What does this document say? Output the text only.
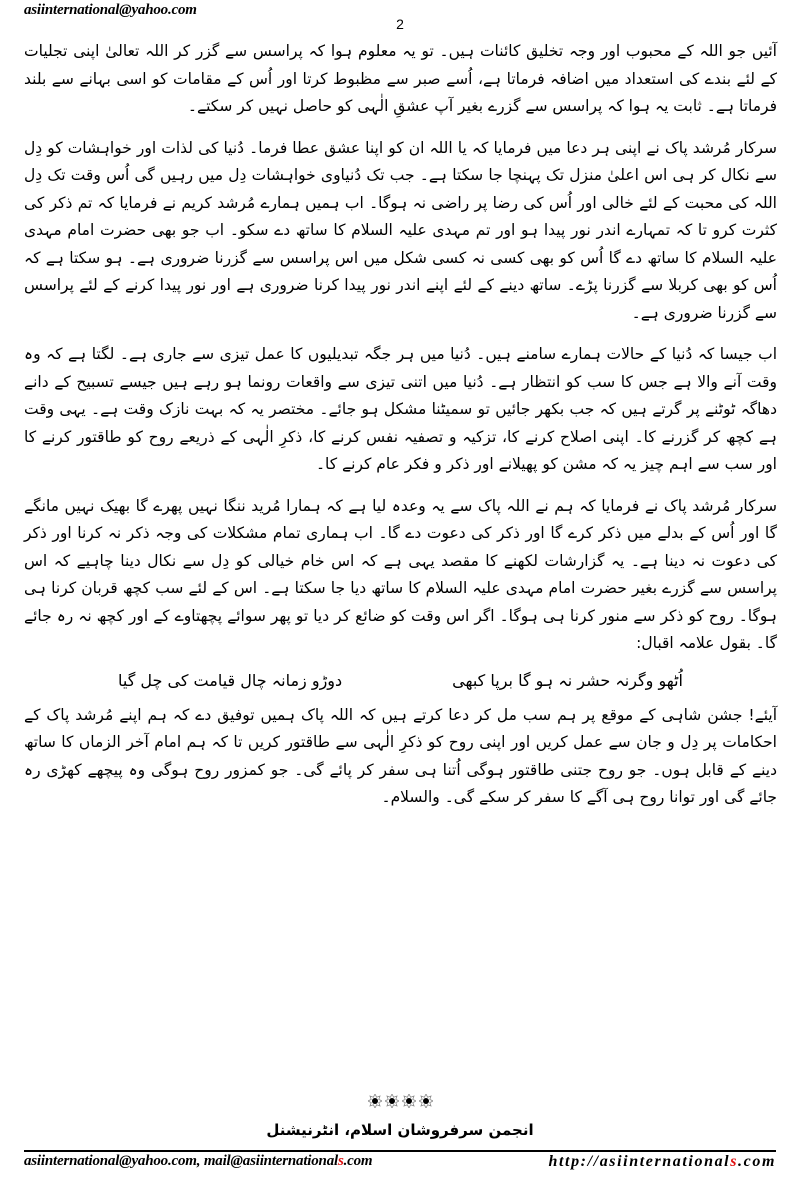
asiinternational@yahoo.com
2

آئیں جو اللہ کے محبوب اور وجہ تخلیق کائنات ہیں۔ تو یہ معلوم ہوا کہ پراسس سے گزر کر اللہ تعالیٰ اپنی تجلیات کے لئے بندے کی استعداد میں اضافہ فرماتا ہے، اُسے صبر سے مظبوط کرتا اور اُس کے مقامات کو اسی بہانے سے بلند فرماتا ہے۔ ثابت یہ ہوا کہ پراسس سے گزرے بغیر آپ عشقِ الٰہی کو حاصل نہیں کر سکتے۔

سرکار مُرشد پاک نے اپنی ہر دعا میں فرمایا کہ یا اللہ ان کو اپنا عشق عطا فرما۔ دُنیا کی لذات اور خواہشات کو دِل سے نکال کر ہی اس اعلیٰ منزل تک پہنچا جا سکتا ہے۔ جب تک دُنیاوی خواہشات دِل میں رہیں گی اُس وقت تک دِل اللہ کی محبت کے لئے خالی اور اُس کی رضا پر راضی نہ ہوگا۔ اب ہمیں ہمارے مُرشد کریم نے فرمایا کہ تم ذکر کی کثرت کرو تا کہ تمہارے اندر نور پیدا ہو اور تم مہدی علیہ السلام کا ساتھ دے سکو۔ اب جو بھی حضرت امام مہدی علیہ السلام کا ساتھ دے گا اُس کو بھی کسی نہ کسی شکل میں اس پراسس سے گزرنا ضروری ہے۔ ہو سکتا ہے کہ اُس کو بھی کربلا سے گزرنا پڑے۔ ساتھ دینے کے لئے اپنے اندر نور پیدا کرنا ضروری ہے اور نور پیدا کرنے کے لئے پراسس سے گزرنا ضروری ہے۔

اب جیسا کہ دُنیا کے حالات ہمارے سامنے ہیں۔ دُنیا میں ہر جگہ تبدیلیوں کا عمل تیزی سے جاری ہے۔ لگتا ہے کہ وہ وقت آنے والا ہے جس کا سب کو انتظار ہے۔ دُنیا میں اتنی تیزی سے واقعات رونما ہو رہے ہیں جیسے تسبیح کے دانے دھاگہ ٹوٹنے پر گرتے ہیں کہ جب بکھر جائیں تو سمیٹنا مشکل ہو جائے۔ مختصر یہ کہ بہت نازک وقت ہے۔ یہی وقت ہے کچھ کر گزرنے کا۔ اپنی اصلاح کرنے کا، تزکیہ و تصفیہ نفس کرنے کا، ذکرِ الٰہی کے ذریعے روح کو طاقتور کرنے کا اور سب سے اہم چیز یہ کہ مشن کو پھیلانے اور ذکر و فکر عام کرنے کا۔

سرکار مُرشد پاک نے فرمایا کہ ہم نے اللہ پاک سے یہ وعدہ لیا ہے کہ ہمارا مُرید ننگا نہیں پھرے گا بھیک نہیں مانگے گا اور اُس کے بدلے میں ذکر کرے گا اور ذکر کی دعوت دے گا۔ اب ہماری تمام مشکلات کی وجہ ذکر نہ کرنا اور ذکر کی دعوت نہ دینا ہے۔ یہ گزارشات لکھنے کا مقصد یہی ہے کہ اس خام خیالی کو دِل سے نکال دینا چاہیے کہ اس پراسس سے گزرے بغیر حضرت امام مہدی علیہ السلام کا ساتھ دیا جا سکتا ہے۔ اس کے لئے سب کچھ قربان کرنا ہی ہوگا۔ روح کو ذکر سے منور کرنا ہی ہوگا۔ اگر اس وقت کو ضائع کر دیا تو پھر سوائے پچھتاوے کے اور کچھ نہ رہ جائے گا۔ بقول علامہ اقبال:

اُٹھو وگرنہ حشر نہ ہو گا برپا کبھی
دوڑو زمانہ چال قیامت کی چل گیا

آیئے! جشن شاہی کے موقع پر ہم سب مل کر دعا کرتے ہیں کہ اللہ پاک ہمیں توفیق دے کہ ہم اپنے مُرشد پاک کے احکامات پر دِل و جان سے عمل کریں اور اپنی روح کو ذکرِ الٰہی سے طاقتور کریں تا کہ ہم امام آخر الزماں کا ساتھ دینے کے قابل ہوں۔ جو روح جتنی طاقتور ہوگی اُتنا ہی سفر کر پائے گی۔ جو کمزور روح ہوگی وہ پیچھے کھڑی رہ جائے گی اور توانا روح ہی آگے کا سفر کر سکے گی۔ والسلام۔

انجمن سرفروشان اسلام، انٹرنیشنل
asiinternational@yahoo.com, mail@asiinternationals.com	http://asiinternationals.com
